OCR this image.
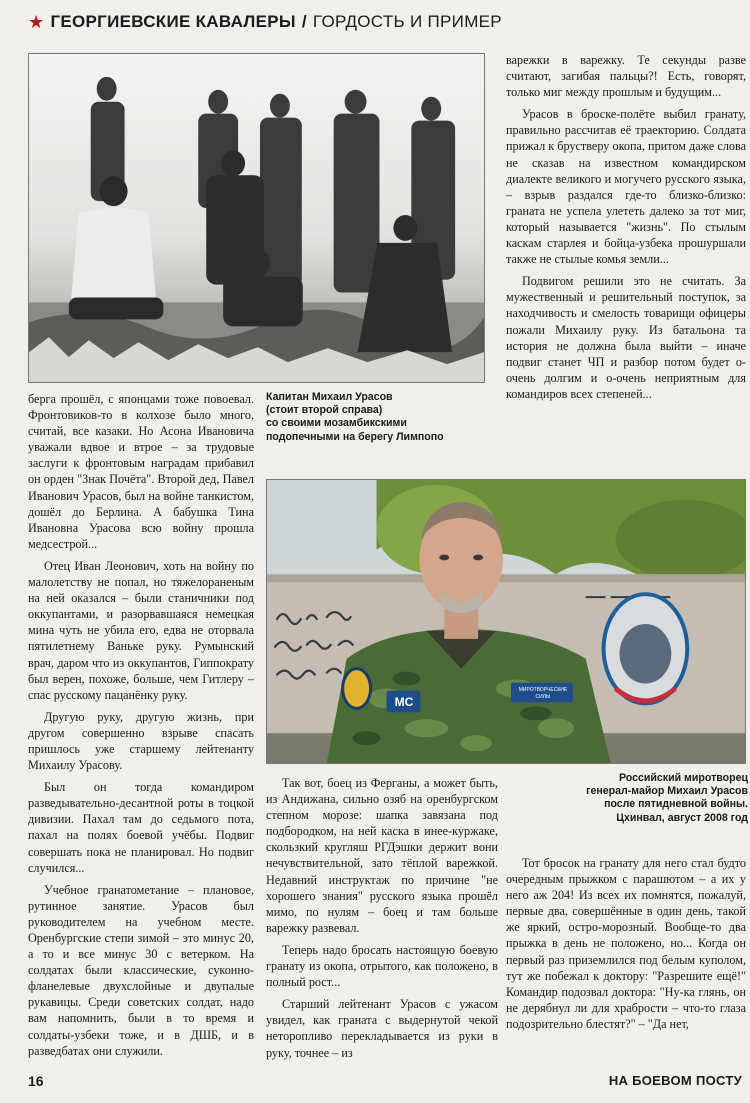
★ ГЕОРГИЕВСКИЕ КАВАЛЕРЫ / ГОРДОСТЬ И ПРИМЕР
Капитан Михаил Урасов
(стоит второй справа)
со своими мозамбикскими
подопечными на берегу Лимпопо
МС
МИРОТВОРЧЕСКИЕ СИЛЫ
Российский миротворец
генерал-майор Михаил Урасов
после пятидневной войны.
Цхинвал, август 2008 год

берга прошёл, с японцами тоже повоевал. Фронтовиков-то в колхозе было много, считай, все казаки. Но Асона Ивановича уважали вдвое и втрое – за трудовые заслуги к фронтовым наградам прибавил он орден "Знак Почёта". Второй дед, Павел Иванович Урасов, был на войне танкистом, дошёл до Берлина. А бабушка Тина Ивановна Урасова всю войну прошла медсестрой...

Отец Иван Леонович, хоть на войну по малолетству не попал, но тяжелораненым на ней оказался – были станичники под оккупантами, и разорвавшаяся немецкая мина чуть не убила его, едва не оторвала пятилетнему Ваньке руку. Румынский врач, даром что из оккупантов, Гиппократу был верен, похоже, больше, чем Гитлеру – спас русскому пацанёнку руку.

Другую руку, другую жизнь, при другом совершенно взрыве спасать пришлось уже старшему лейтенанту Михаилу Урасову.

Был он тогда командиром разведывательно-десантной роты в тоцкой дивизии. Пахал там до седьмого пота, пахал на полях боевой учёбы. Подвиг совершать пока не планировал. Но подвиг случился...

Учебное гранатометание – плановое, рутинное занятие. Урасов был руководителем на учебном месте. Оренбургские степи зимой – это минус 20, а то и все минус 30 с ветерком. На солдатах были классические, суконно-фланелевые двухслойные и двупалые рукавицы. Среди советских солдат, надо вам напомнить, были в то время и солдаты-узбеки тоже, и в ДШБ, и в разведбатах они служили.

Так вот, боец из Ферганы, а может быть, из Андижана, сильно озяб на оренбургском степном морозе: шапка завязана под подбородком, на ней каска в инее-куржаке, скользкий кругляш РГДэшки держит вони нечувствительной, зато тёплой варежкой. Недавний инструктаж по причине "не хорошего знания" русского языка прошёл мимо, по нулям – боец и там больше варежку развевал.

Теперь надо бросать настоящую боевую гранату из окопа, отрытого, как положено, в полный рост...

Старший лейтенант Урасов с ужасом увидел, как граната с выдернутой чекой неторопливо перекладывается из руки в руку, точнее – из

варежки в варежку. Те секунды разве считают, загибая пальцы?! Есть, говорят, только миг между прошлым и будущим...

Урасов в броске-полёте выбил гранату, правильно рассчитав её траекторию. Солдата прижал к брустверу окопа, притом даже слова не сказав на известном командирском диалекте великого и могучего русского языка, – взрыв раздался где-то близко-близко: граната не успела улететь далеко за тот миг, который называется "жизнь". По стылым каскам старлея и бойца-узбека прошуршали также не стылые комья земли...

Подвигом решили это не считать. За мужественный и решительный поступок, за находчивость и смелость товарищи офицеры пожали Михаилу руку. Из батальона та история не должна была выйти – иначе подвиг станет ЧП и разбор потом будет о-очень долгим и о-очень неприятным для командиров всех степеней...

Тот бросок на гранату для него стал будто очередным прыжком с парашютом – а их у него аж 204! Из всех их помнятся, пожалуй, первые два, совершённые в один день, такой же яркий, остро-морозный. Вообще-то два прыжка в день не положено, но... Когда он первый раз приземлился под белым куполом, тут же побежал к доктору: "Разрешите ещё!" Командир подозвал доктора: "Ну-ка глянь, он не дерябнул ли для храбрости – что-то глаза подозрительно блестят?" – "Да нет,

16	НА БОЕВОМ ПОСТУ
